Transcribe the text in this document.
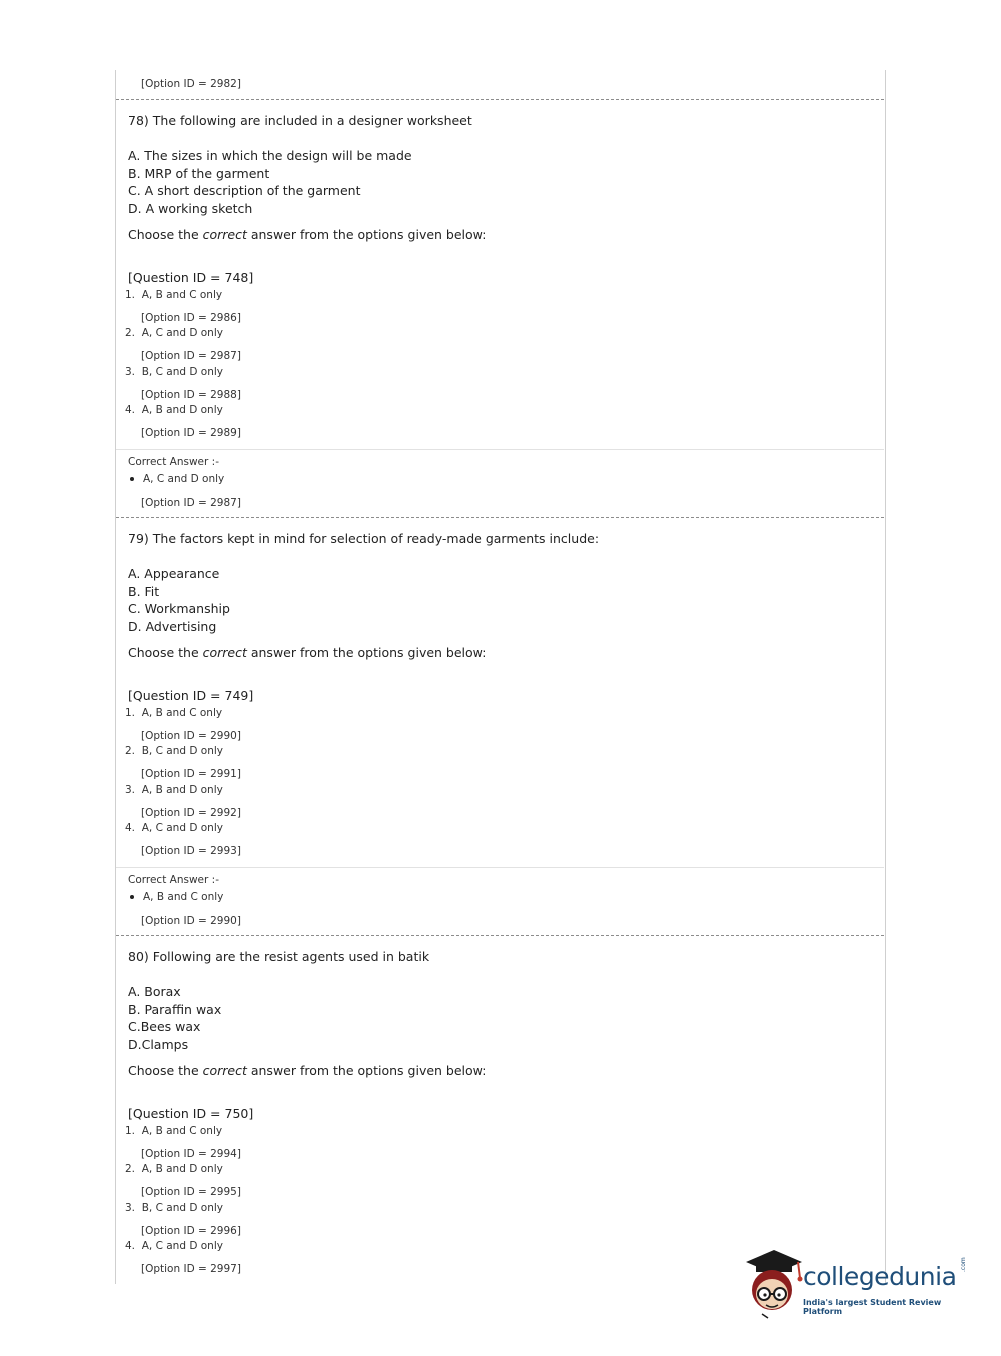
[Option ID = 2982]
78) The following are included in a designer worksheet
A. The sizes in which the design will be made
B. MRP of the garment
C. A short description of the garment
D. A working sketch
Choose the correct answer from the options given below:
[Question ID = 748]
1. A, B and C only
[Option ID = 2986]
2. A, C and D only
[Option ID = 2987]
3. B, C and D only
[Option ID = 2988]
4. A, B and D only
[Option ID = 2989]
Correct Answer :-
A, C and D only
[Option ID = 2987]
79) The factors kept in mind for selection of ready-made garments include:
A. Appearance
B. Fit
C. Workmanship
D. Advertising
Choose the correct answer from the options given below:
[Question ID = 749]
1. A, B and C only
[Option ID = 2990]
2. B, C and D only
[Option ID = 2991]
3. A, B and D only
[Option ID = 2992]
4. A, C and D only
[Option ID = 2993]
Correct Answer :-
A, B and C only
[Option ID = 2990]
80) Following are the resist agents used in batik
A. Borax
B. Paraffin wax
C.Bees wax
D.Clamps
Choose the correct answer from the options given below:
[Question ID = 750]
1. A, B and C only
[Option ID = 2994]
2. A, B and D only
[Option ID = 2995]
3. B, C and D only
[Option ID = 2996]
4. A, C and D only
[Option ID = 2997]	collegedunia .com
India's largest Student Review Platform
